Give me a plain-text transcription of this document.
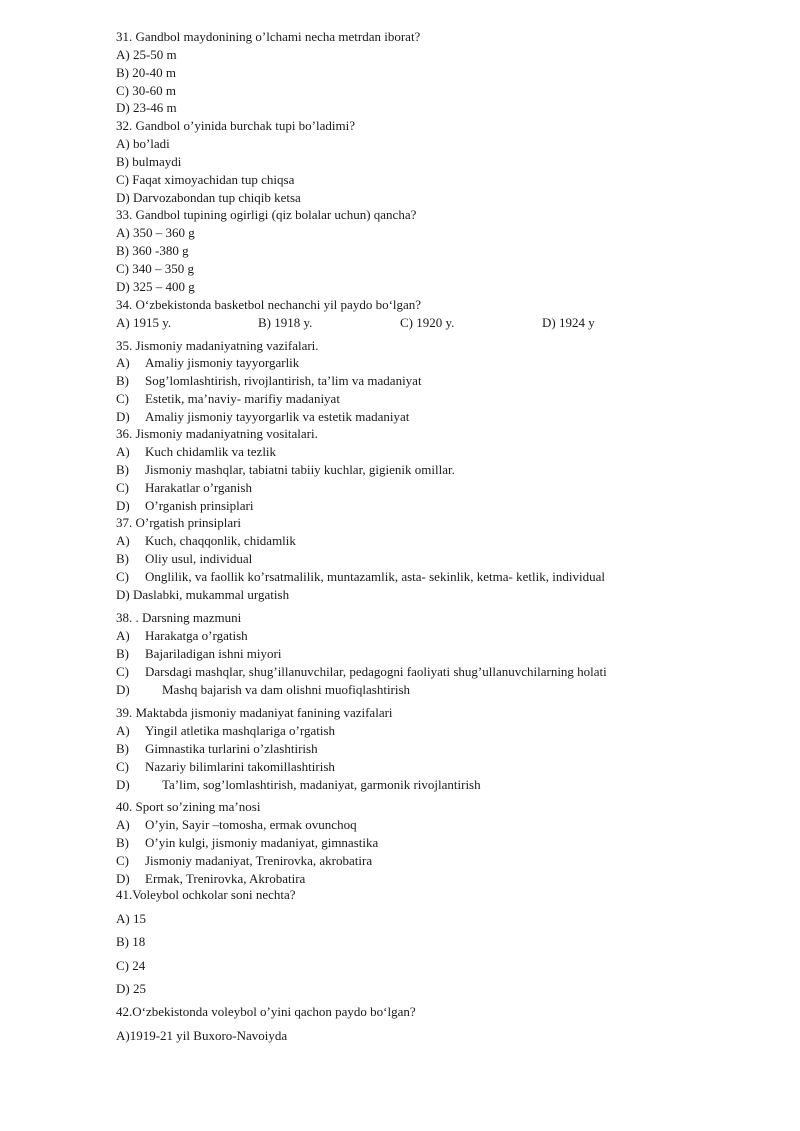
31. Gandbol maydonining o’lchami necha metrdan iborat?
A) 25-50 m
B) 20-40 m
C) 30-60 m
D) 23-46 m
32. Gandbol o’yinida burchak tupi bo’ladimi?
A) bo’ladi
B) bulmaydi
C) Faqat ximoyachidan tup chiqsa
D) Darvozabondan tup chiqib ketsa
33. Gandbol tupining ogirligi (qiz bolalar uchun) qancha?
A) 350 – 360 g
B) 360 -380 g
C) 340 – 350 g
D) 325 – 400 g
34. O‘zbekistonda basketbol nechanchi yil paydo bo‘lgan?
A) 1915 y.	B) 1918 y.	C) 1920 y.	D) 1924 y
35. Jismoniy madaniyatning vazifalari.
A) Amaliy jismoniy tayyorgarlik
B) Sog’lomlashtirish, rivojlantirish, ta’lim va madaniyat
C) Estetik, ma’naviy- marifiy madaniyat
D) Amaliy jismoniy tayyorgarlik va estetik madaniyat
36. Jismoniy madaniyatning vositalari.
A) Kuch chidamlik va tezlik
B) Jismoniy mashqlar, tabiatni tabiiy kuchlar, gigienik omillar.
C) Harakatlar o’rganish
D) O’rganish prinsiplari
37. O’rgatish prinsiplari
A) Kuch, chaqqonlik, chidamlik
B) Oliy usul, individual
C) Onglilik, va faollik ko’rsatmalilik, muntazamlik, asta- sekinlik, ketma- ketlik, individual
D) Daslabki, mukammal urgatish
38. . Darsning mazmuni
A) Harakatga o’rgatish
B) Bajariladigan ishni miyori
C) Darsdagi mashqlar, shug’illanuvchilar, pedagogni faoliyati shug’ullanuvchilarning holati
D) Mashq bajarish va dam olishni muofiqlashtirish
39. Maktabda jismoniy madaniyat fanining vazifalari
A) Yingil atletika mashqlariga o’rgatish
B) Gimnastika turlarini o’zlashtirish
C) Nazariy bilimlarini takomillashtirish
D) Ta’lim, sog’lomlashtirish, madaniyat, garmonik rivojlantirish
40. Sport so’zining ma’nosi
A) O’yin, Sayir –tomosha, ermak ovunchoq
B) O’yin kulgi, jismoniy madaniyat, gimnastika
C) Jismoniy madaniyat, Trenirovka, akrobatira
D) Ermak, Trenirovka, Akrobatira
41.Voleybol ochkolar soni nechta?
A) 15
B) 18
C) 24
D) 25
42.O‘zbekistonda voleybol o’yini qachon paydo bo‘lgan?
A)1919-21 yil Buxoro-Navoiyda
